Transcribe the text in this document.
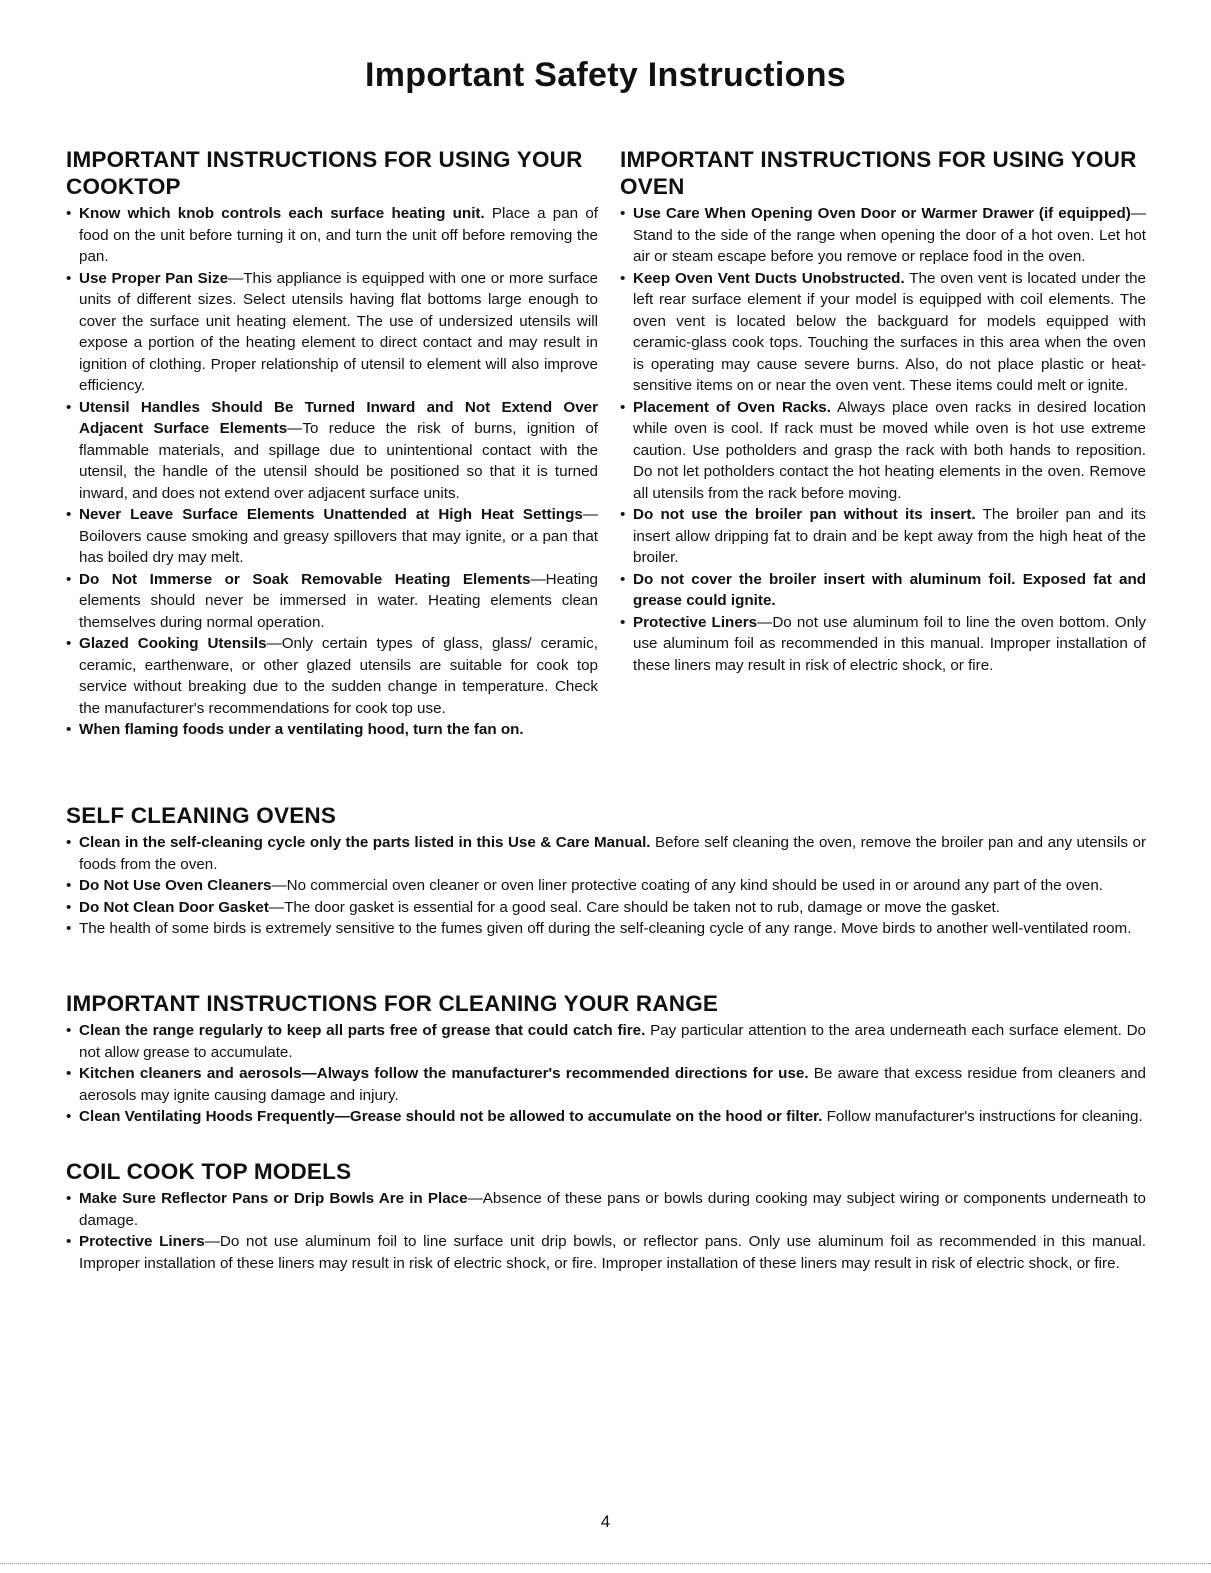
Important Safety Instructions
IMPORTANT INSTRUCTIONS FOR USING YOUR COOKTOP
• Know which knob controls each surface heating unit. Place a pan of food on the unit before turning it on, and turn the unit off before removing the pan.
• Use Proper Pan Size—This appliance is equipped with one or more surface units of different sizes. Select utensils having flat bottoms large enough to cover the surface unit heating element. The use of undersized utensils will expose a portion of the heating element to direct contact and may result in ignition of clothing. Proper relationship of utensil to element will also improve efficiency.
• Utensil Handles Should Be Turned Inward and Not Extend Over Adjacent Surface Elements—To reduce the risk of burns, ignition of flammable materials, and spillage due to unintentional contact with the utensil, the handle of the utensil should be positioned so that it is turned inward, and does not extend over adjacent surface units.
• Never Leave Surface Elements Unattended at High Heat Settings—Boilovers cause smoking and greasy spillovers that may ignite, or a pan that has boiled dry may melt.
• Do Not Immerse or Soak Removable Heating Elements—Heating elements should never be immersed in water. Heating elements clean themselves during normal operation.
• Glazed Cooking Utensils—Only certain types of glass, glass/ ceramic, ceramic, earthenware, or other glazed utensils are suitable for cook top service without breaking due to the sudden change in temperature. Check the manufacturer's recommendations for cook top use.
• When flaming foods under a ventilating hood, turn the fan on.
IMPORTANT INSTRUCTIONS FOR USING YOUR OVEN
• Use Care When Opening Oven Door or Warmer Drawer (if equipped)—Stand to the side of the range when opening the door of a hot oven. Let hot air or steam escape before you remove or replace food in the oven.
• Keep Oven Vent Ducts Unobstructed. The oven vent is located under the left rear surface element if your model is equipped with coil elements. The oven vent is located below the backguard for models equipped with ceramic-glass cook tops. Touching the surfaces in this area when the oven is operating may cause severe burns. Also, do not place plastic or heat-sensitive items on or near the oven vent. These items could melt or ignite.
• Placement of Oven Racks. Always place oven racks in desired location while oven is cool. If rack must be moved while oven is hot use extreme caution. Use potholders and grasp the rack with both hands to reposition. Do not let potholders contact the hot heating elements in the oven. Remove all utensils from the rack before moving.
• Do not use the broiler pan without its insert. The broiler pan and its insert allow dripping fat to drain and be kept away from the high heat of the broiler.
• Do not cover the broiler insert with aluminum foil. Exposed fat and grease could ignite.
• Protective Liners—Do not use aluminum foil to line the oven bottom. Only use aluminum foil as recommended in this manual. Improper installation of these liners may result in risk of electric shock, or fire.
SELF CLEANING OVENS
• Clean in the self-cleaning cycle only the parts listed in this Use & Care Manual. Before self cleaning the oven, remove the broiler pan and any utensils or foods from the oven.
• Do Not Use Oven Cleaners—No commercial oven cleaner or oven liner protective coating of any kind should be used in or around any part of the oven.
• Do Not Clean Door Gasket—The door gasket is essential for a good seal. Care should be taken not to rub, damage or move the gasket.
• The health of some birds is extremely sensitive to the fumes given off during the self-cleaning cycle of any range. Move birds to another well-ventilated room.
IMPORTANT INSTRUCTIONS FOR CLEANING YOUR RANGE
• Clean the range regularly to keep all parts free of grease that could catch fire. Pay particular attention to the area underneath each surface element. Do not allow grease to accumulate.
• Kitchen cleaners and aerosols—Always follow the manufacturer's recommended directions for use. Be aware that excess residue from cleaners and aerosols may ignite causing damage and injury.
• Clean Ventilating Hoods Frequently—Grease should not be allowed to accumulate on the hood or filter. Follow manufacturer's instructions for cleaning.
COIL COOK TOP MODELS
• Make Sure Reflector Pans or Drip Bowls Are in Place—Absence of these pans or bowls during cooking may subject wiring or components underneath to damage.
• Protective Liners—Do not use aluminum foil to line surface unit drip bowls, or reflector pans. Only use aluminum foil as recommended in this manual. Improper installation of these liners may result in risk of electric shock, or fire. Improper installation of these liners may result in risk of electric shock, or fire.
4
